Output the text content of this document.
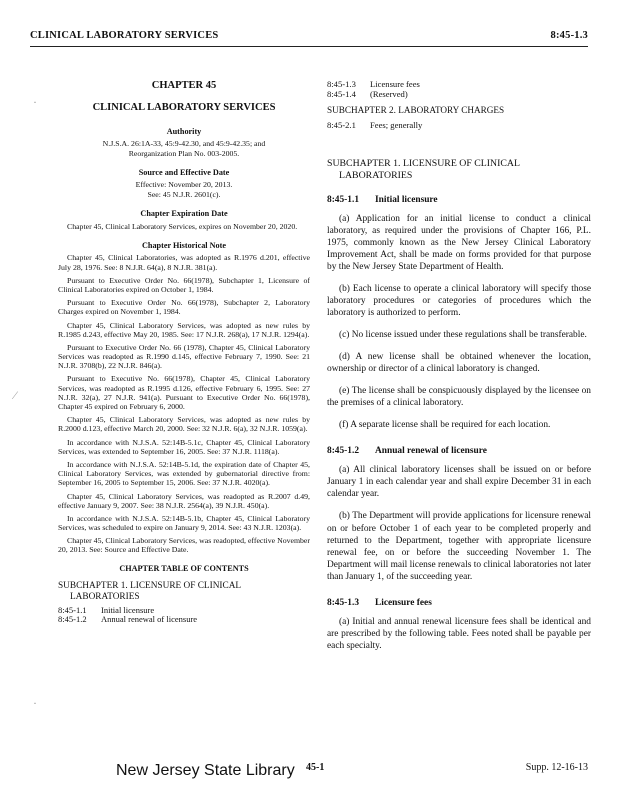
CLINICAL LABORATORY SERVICES	8:45-1.3
·
⁄
·
CHAPTER 45
CLINICAL LABORATORY SERVICES
Authority
N.J.S.A. 26:1A-33, 45:9-42.30, and 45:9-42.35; and Reorganization Plan No. 003-2005.
Source and Effective Date
Effective: November 20, 2013.
See: 45 N.J.R. 2601(c).
Chapter Expiration Date

Chapter 45, Clinical Laboratory Services, expires on November 20, 2020.

Chapter Historical Note

Chapter 45, Clinical Laboratories, was adopted as R.1976 d.201, effective July 28, 1976. See: 8 N.J.R. 64(a), 8 N.J.R. 381(a).

Pursuant to Executive Order No. 66(1978), Subchapter 1, Licensure of Clinical Laboratories expired on October 1, 1984.

Pursuant to Executive Order No. 66(1978), Subchapter 2, Laboratory Charges expired on November 1, 1984.

Chapter 45, Clinical Laboratory Services, was adopted as new rules by R.1985 d.243, effective May 20, 1985. See: 17 N.J.R. 268(a), 17 N.J.R. 1294(a).

Pursuant to Executive Order No. 66 (1978), Chapter 45, Clinical Laboratory Services was readopted as R.1990 d.145, effective February 7, 1990. See: 21 N.J.R. 3708(b), 22 N.J.R. 846(a).

Pursuant to Executive No. 66(1978), Chapter 45, Clinical Laboratory Services, was readopted as R.1995 d.126, effective February 6, 1995. See: 27 N.J.R. 32(a), 27 N.J.R. 941(a). Pursuant to Executive Order No. 66(1978), Chapter 45 expired on February 6, 2000.

Chapter 45, Clinical Laboratory Services, was adopted as new rules by R.2000 d.123, effective March 20, 2000. See: 32 N.J.R. 6(a), 32 N.J.R. 1059(a).

In accordance with N.J.S.A. 52:14B-5.1c, Chapter 45, Clinical Laboratory Services, was extended to September 16, 2005. See: 37 N.J.R. 1118(a).

In accordance with N.J.S.A. 52:14B-5.1d, the expiration date of Chapter 45, Clinical Laboratory Services, was extended by gubernatorial directive from: September 16, 2005 to September 15, 2006. See: 37 N.J.R. 4020(a).

Chapter 45, Clinical Laboratory Services, was readopted as R.2007 d.49, effective January 9, 2007. See: 38 N.J.R. 2564(a), 39 N.J.R. 450(a).

In accordance with N.J.S.A. 52:14B-5.1b, Chapter 45, Clinical Laboratory Services, was scheduled to expire on January 9, 2014. See: 43 N.J.R. 1203(a).

Chapter 45, Clinical Laboratory Services, was readopted, effective November 20, 2013. See: Source and Effective Date.

CHAPTER TABLE OF CONTENTS
SUBCHAPTER 1. LICENSURE OF CLINICAL LABORATORIES
8:45-1.1	Initial licensure
8:45-1.2	Annual renewal of licensure
8:45-1.3	Licensure fees
8:45-1.4	(Reserved)
SUBCHAPTER 2. LABORATORY CHARGES
8:45-2.1	Fees; generally
SUBCHAPTER 1. LICENSURE OF CLINICAL LABORATORIES
8:45-1.1 Initial licensure

(a) Application for an initial license to conduct a clinical laboratory, as required under the provisions of Chapter 166, P.L. 1975, commonly known as the New Jersey Clinical Laboratory Improvement Act, shall be made on forms provided for that purpose by the New Jersey State Department of Health.

(b) Each license to operate a clinical laboratory will specify those laboratory procedures or categories of procedures which the laboratory is authorized to perform.

(c) No license issued under these regulations shall be transferable.

(d) A new license shall be obtained whenever the location, ownership or director of a clinical laboratory is changed.

(e) The license shall be conspicuously displayed by the licensee on the premises of a clinical laboratory.

(f) A separate license shall be required for each location.

8:45-1.2 Annual renewal of licensure

(a) All clinical laboratory licenses shall be issued on or before January 1 in each calendar year and shall expire December 31 in each calendar year.

(b) The Department will provide applications for licensure renewal on or before October 1 of each year to be completed properly and returned to the Department, together with appropriate licensure renewal fee, on or before the succeeding November 1. The Department will mail license renewals to clinical laboratories not later than January 1, of the succeeding year.

8:45-1.3 Licensure fees

(a) Initial and annual renewal licensure fees shall be identical and are prescribed by the following table. Fees noted shall be payable per each specialty.

New Jersey State Library 45-1	Supp. 12-16-13
